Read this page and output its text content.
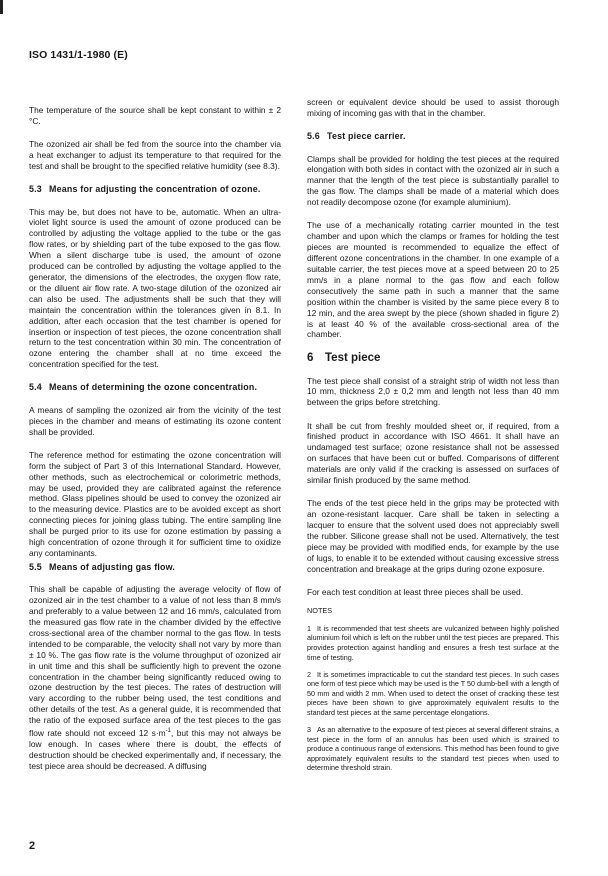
ISO 1431/1-1980 (E)

The temperature of the source shall be kept constant to within ± 2 °C.

The ozonized air shall be fed from the source into the chamber via a heat exchanger to adjust its temperature to that required for the test and shall be brought to the specified relative humidity (see 8.3).

5.3 Means for adjusting the concentration of ozone.

This may be, but does not have to be, automatic. When an ultra-violet light source is used the amount of ozone produced can be controlled by adjusting the voltage applied to the tube or the gas flow rates, or by shielding part of the tube exposed to the gas flow. When a silent discharge tube is used, the amount of ozone produced can be controlled by adjusting the voltage applied to the generator, the dimensions of the electrodes, the oxygen flow rate, or the diluent air flow rate. A two-stage dilution of the ozonized air can also be used. The adjustments shall be such that they will maintain the concentration within the tolerances given in 8.1. In addition, after each occasion that the test chamber is opened for insertion or inspection of test pieces, the ozone concentration shall return to the test concentration within 30 min. The concentration of ozone entering the chamber shall at no time exceed the concentration specified for the test.

5.4 Means of determining the ozone concentration.

A means of sampling the ozonized air from the vicinity of the test pieces in the chamber and means of estimating its ozone content shall be provided.

The reference method for estimating the ozone concentration will form the subject of Part 3 of this International Standard. However, other methods, such as electrochemical or colorimetric methods, may be used, provided they are calibrated against the reference method. Glass pipelines should be used to convey the ozonized air to the measuring device. Plastics are to be avoided except as short connecting pieces for joining glass tubing. The entire sampling line shall be purged prior to its use for ozone estimation by passing a high concentration of ozone through it for sufficient time to oxidize any contaminants.

5.5 Means of adjusting gas flow.

This shall be capable of adjusting the average velocity of flow of ozonized air in the test chamber to a value of not less than 8 mm/s and preferably to a value between 12 and 16 mm/s, calculated from the measured gas flow rate in the chamber divided by the effective cross-sectional area of the chamber normal to the gas flow. In tests intended to be comparable, the velocity shall not vary by more than ± 10 %. The gas flow rate is the volume throughput of ozonized air in unit time and this shall be sufficiently high to prevent the ozone concentration in the chamber being significantly reduced owing to ozone destruction by the test pieces. The rates of destruction will vary according to the rubber being used, the test conditions and other details of the test. As a general guide, it is recommended that the ratio of the exposed surface area of the test pieces to the gas flow rate should not exceed 12 $s\cdot m^{-1}$, but this may not always be low enough. In cases where there is doubt, the effects of destruction should be checked experimentally and, if necessary, the test piece area should be decreased. A diffusing

screen or equivalent device should be used to assist thorough mixing of incoming gas with that in the chamber.

5.6 Test piece carrier.

Clamps shall be provided for holding the test pieces at the required elongation with both sides in contact with the ozonized air in such a manner that the length of the test piece is substantially parallel to the gas flow. The clamps shall be made of a material which does not readily decompose ozone (for example aluminium).

The use of a mechanically rotating carrier mounted in the test chamber and upon which the clamps or frames for holding the test pieces are mounted is recommended to equalize the effect of different ozone concentrations in the chamber. In one example of a suitable carrier, the test pieces move at a speed between 20 to 25 mm/s in a plane normal to the gas flow and each follow consecutively the same path in such a manner that the same position within the chamber is visited by the same piece every 8 to 12 min, and the area swept by the piece (shown shaded in figure 2) is at least 40 % of the available cross-sectional area of the chamber.

6 Test piece

The test piece shall consist of a straight strip of width not less than 10 mm, thickness 2,0 ± 0,2 mm and length not less than 40 mm between the grips before stretching.

It shall be cut from freshly moulded sheet or, if required, from a finished product in accordance with ISO 4661. It shall have an undamaged test surface; ozone resistance shall not be assessed on surfaces that have been cut or buffed. Comparisons of different materials are only valid if the cracking is assessed on surfaces of similar finish produced by the same method.

The ends of the test piece held in the grips may be protected with an ozone-resistant lacquer. Care shall be taken in selecting a lacquer to ensure that the solvent used does not appreciably swell the rubber. Silicone grease shall not be used. Alternatively, the test piece may be provided with modified ends, for example by the use of lugs, to enable it to be extended without causing excessive stress concentration and breakage at the grips during ozone exposure.

For each test condition at least three pieces shall be used.

NOTES
1 It is recommended that test sheets are vulcanized between highly polished aluminium foil which is left on the rubber until the test pieces are prepared. This provides protection against handling and ensures a fresh test surface at the time of testing.
2 It is sometimes impracticable to cut the standard test pieces. In such cases one form of test piece which may be used is the T 50 dumb-bell with a length of 50 mm and width 2 mm. When used to detect the onset of cracking these test pieces have been shown to give approximately equivalent results to the standard test pieces at the same percentage elongations.
3 As an alternative to the exposure of test pieces at several different strains, a test piece in the form of an annulus has been used which is strained to produce a continuous range of extensions. This method has been found to give approximately equivalent results to the standard test pieces when used to determine threshold strain.
2
